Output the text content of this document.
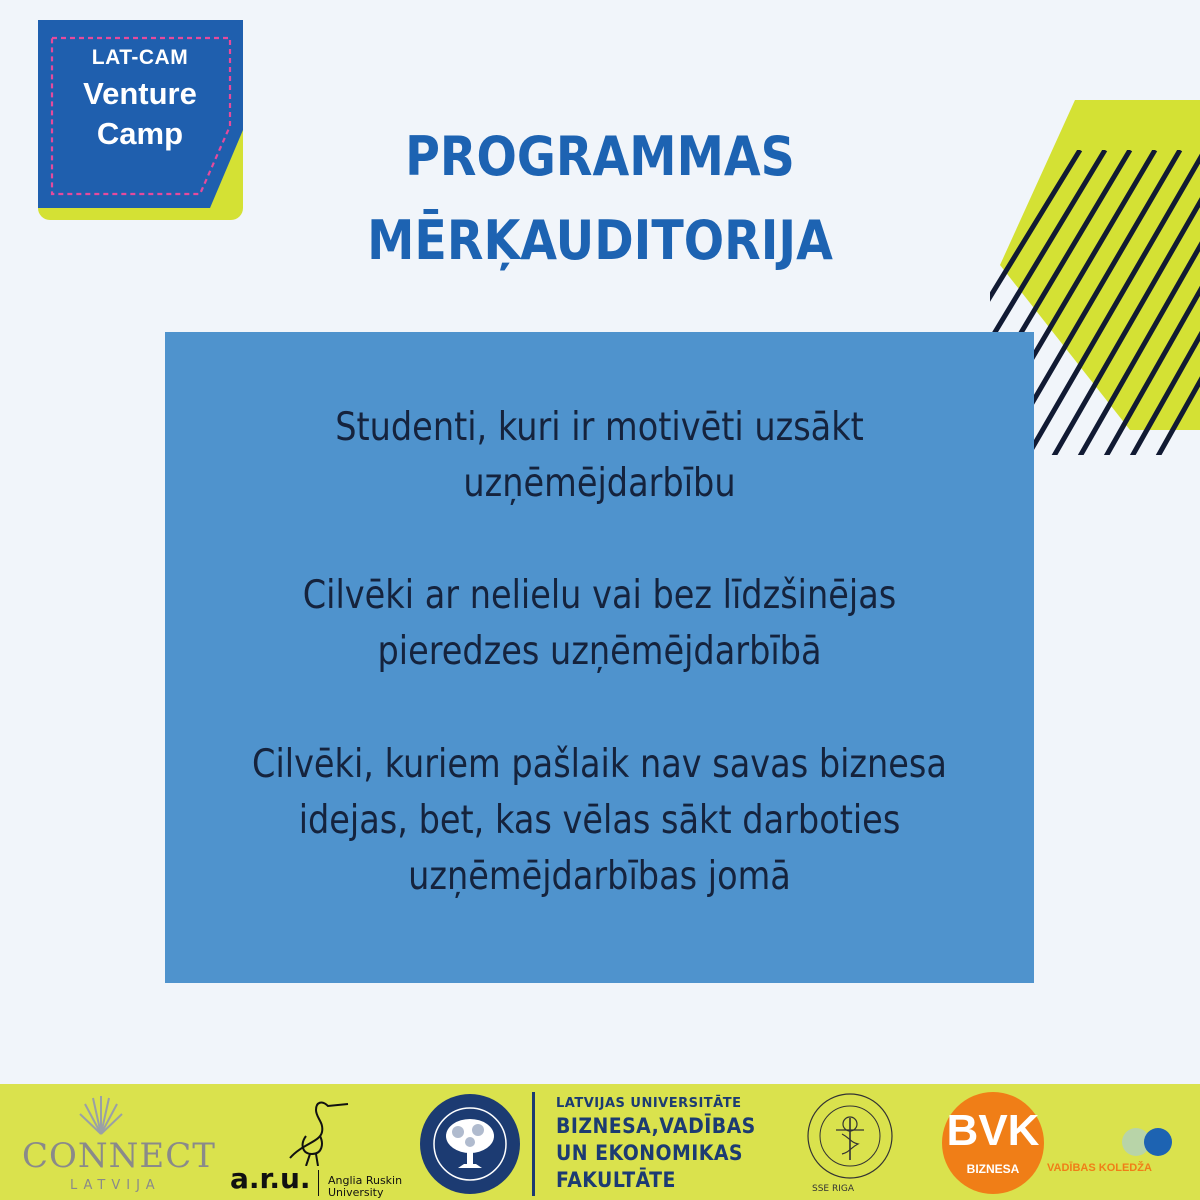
LAT-CAM
Venture
Camp	PROGRAMMAS
MĒRĶAUDITORIJA
Studenti, kuri ir motivēti uzsākt
uzņēmējdarbību
Cilvēki ar nelielu vai bez līdzšinējas
pieredzes uzņēmējdarbībā
Cilvēki, kuriem pašlaik nav savas biznesa
idejas, bet, kas vēlas sākt darboties
uzņēmējdarbības jomā
CONNECT
LATVIJA a.r.u. Anglia Ruskin
University
LATVIJAS UNIVERSITĀTE
BIZNESA,VADĪBAS
UN EKONOMIKAS
FAKULTĀTE	SSE RIGA
BVK
BIZNESA	VADĪBAS KOLEDŽA
